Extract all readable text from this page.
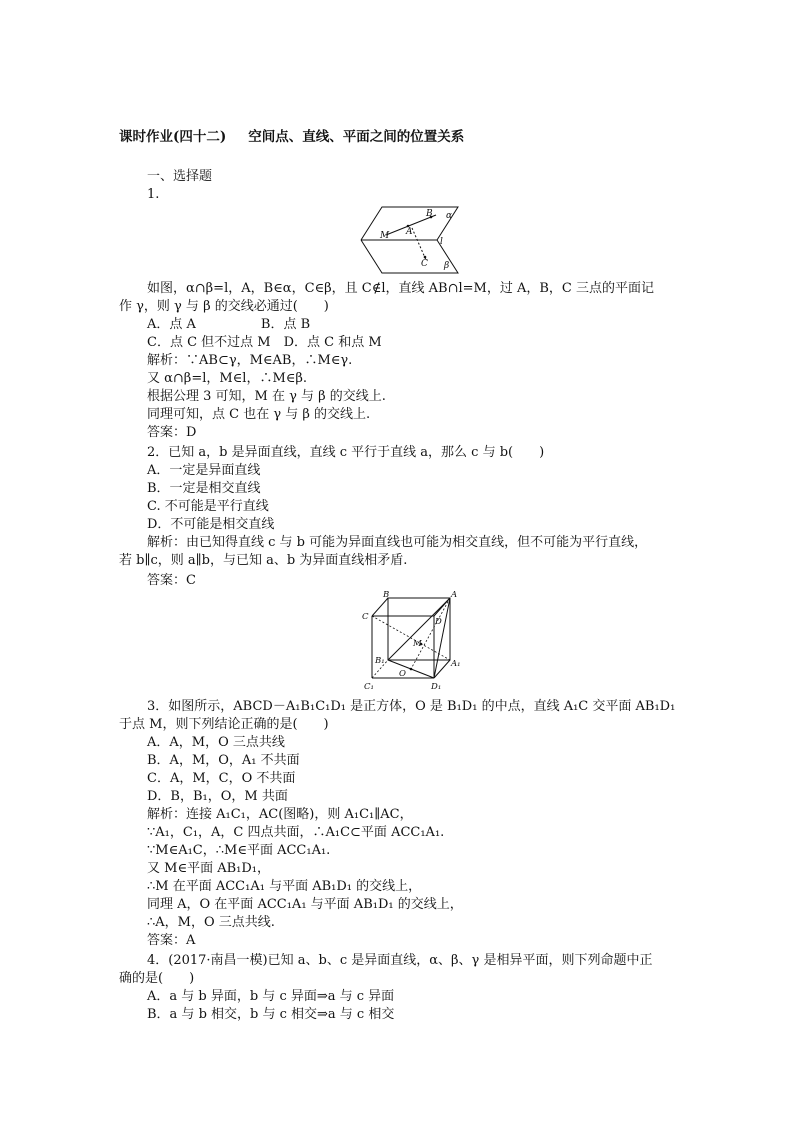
课时作业(四十二) 空间点、直线、平面之间的位置关系
一、选择题
1.
α
β
M A
B
l
C
如图，α∩β=l，A，B∈α，C∈β，且 C∉l，直线 AB∩l=M，过 A，B，C 三点的平面记
作 γ，则 γ 与 β 的交线必通过(　　)
A．点 A　　　　　B．点 B
C．点 C 但不过点 M　D．点 C 和点 M
解析：∵AB⊂γ，M∈AB，∴M∈γ.
又 α∩β=l，M∈l，∴M∈β.
根据公理 3 可知，M 在 γ 与 β 的交线上.
同理可知，点 C 也在 γ 与 β 的交线上.
答案：D
2．已知 a，b 是异面直线，直线 c 平行于直线 a，那么 c 与 b(　　)
A．一定是异面直线
B．一定是相交直线
C. 不可能是平行直线
D．不可能是相交直线
解析：由已知得直线 c 与 b 可能为异面直线也可能为相交直线，但不可能为平行直线，
若 b∥c，则 a∥b，与已知 a、b 为异面直线相矛盾.
答案：C
B	A
C	D
M
B₁	A₁
O
C₁	D₁
3．如图所示，ABCD－A₁B₁C₁D₁ 是正方体，O 是 B₁D₁ 的中点，直线 A₁C 交平面 AB₁D₁
于点 M，则下列结论正确的是(　　)
A．A，M，O 三点共线
B．A，M，O，A₁ 不共面
C．A，M，C，O 不共面
D．B，B₁，O，M 共面
解析：连接 A₁C₁，AC(图略)，则 A₁C₁∥AC，
∵A₁，C₁，A，C 四点共面，∴A₁C⊂平面 ACC₁A₁.
∵M∈A₁C，∴M∈平面 ACC₁A₁.
又 M∈平面 AB₁D₁，
∴M 在平面 ACC₁A₁ 与平面 AB₁D₁ 的交线上，
同理 A，O 在平面 ACC₁A₁ 与平面 AB₁D₁ 的交线上，
∴A，M，O 三点共线.
答案：A
4．(2017·南昌一模)已知 a、b、c 是异面直线，α、β、γ 是相异平面，则下列命题中正
确的是(　　)
A．a 与 b 异面，b 与 c 异面⇒a 与 c 异面
B．a 与 b 相交，b 与 c 相交⇒a 与 c 相交
